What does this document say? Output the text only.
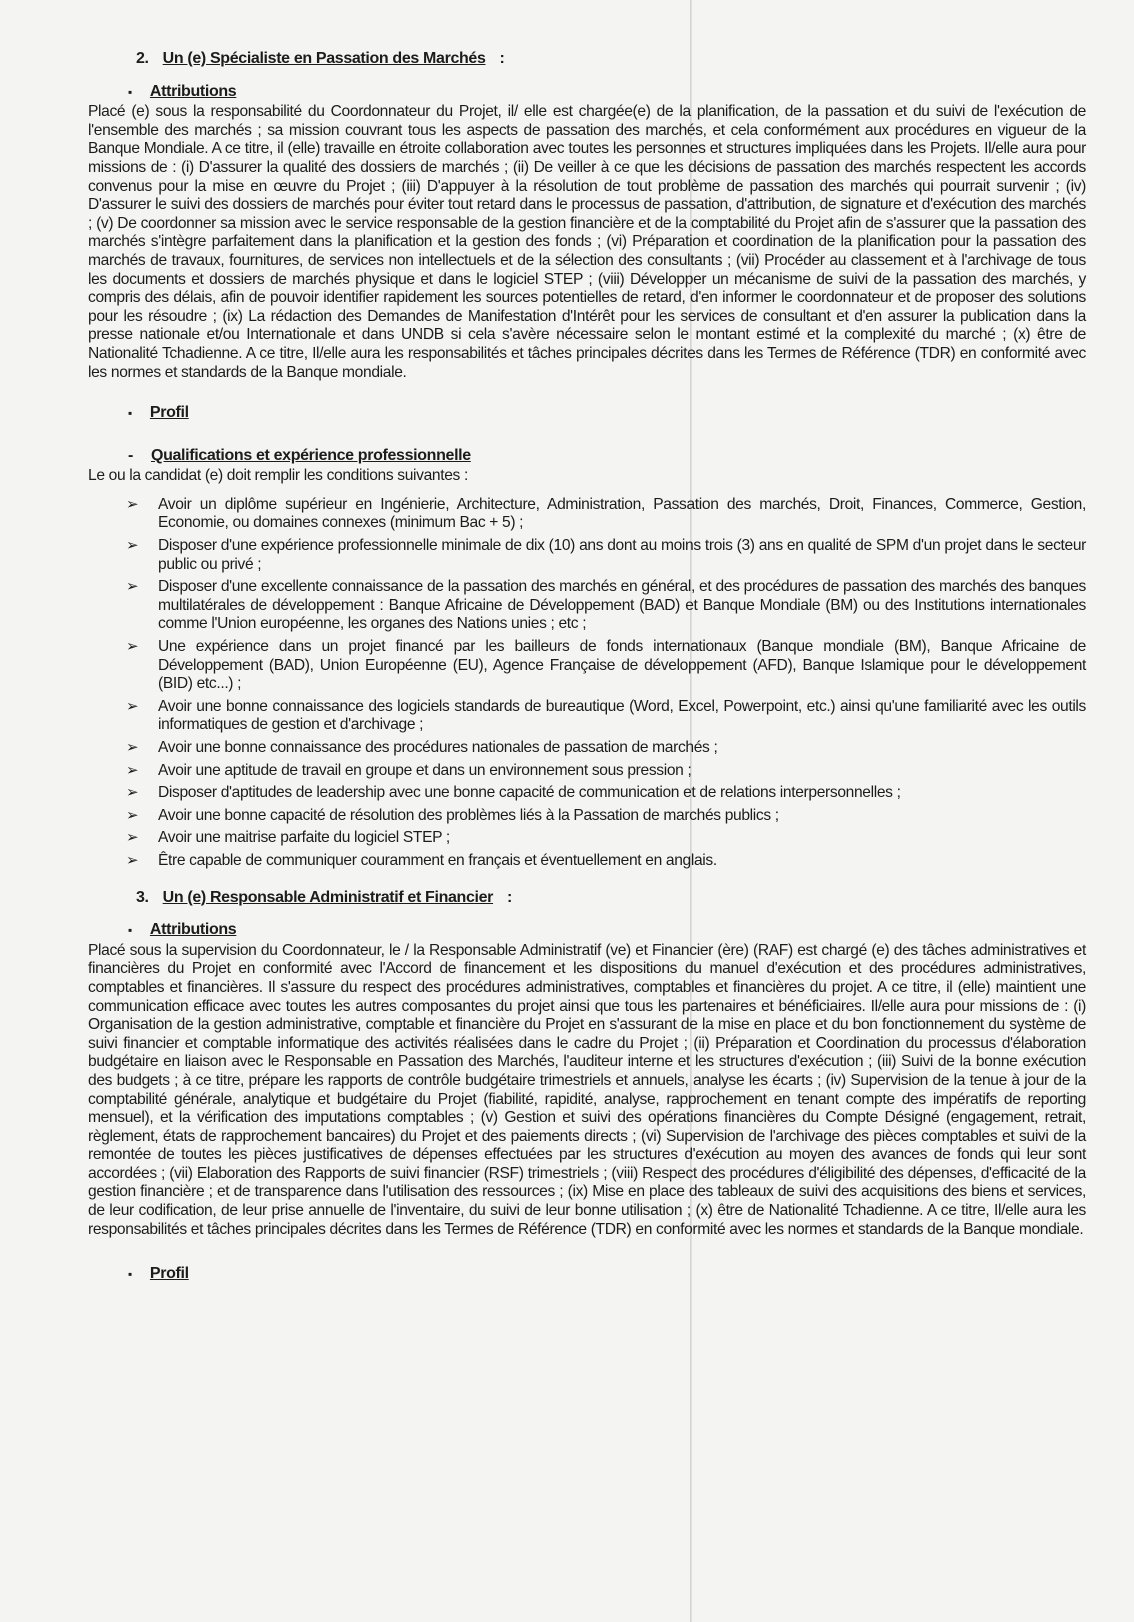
2. Un (e) Spécialiste en Passation des Marchés :
▪ Attributions

Placé (e) sous la responsabilité du Coordonnateur du Projet, il/ elle est chargée(e) de la planification, de la passation et du suivi de l'exécution de l'ensemble des marchés ; sa mission couvrant tous les aspects de passation des marchés, et cela conformément aux procédures en vigueur de la Banque Mondiale. A ce titre, il (elle) travaille en étroite collaboration avec toutes les personnes et structures impliquées dans les Projets. Il/elle aura pour missions de : (i) D'assurer la qualité des dossiers de marchés ; (ii) De veiller à ce que les décisions de passation des marchés respectent les accords convenus pour la mise en œuvre du Projet ; (iii) D'appuyer à la résolution de tout problème de passation des marchés qui pourrait survenir ; (iv) D'assurer le suivi des dossiers de marchés pour éviter tout retard dans le processus de passation, d'attribution, de signature et d'exécution des marchés ; (v) De coordonner sa mission avec le service responsable de la gestion financière et de la comptabilité du Projet afin de s'assurer que la passation des marchés s'intègre parfaitement dans la planification et la gestion des fonds ; (vi) Préparation et coordination de la planification pour la passation des marchés de travaux, fournitures, de services non intellectuels et de la sélection des consultants ; (vii) Procéder au classement et à l'archivage de tous les documents et dossiers de marchés physique et dans le logiciel STEP ; (viii) Développer un mécanisme de suivi de la passation des marchés, y compris des délais, afin de pouvoir identifier rapidement les sources potentielles de retard, d'en informer le coordonnateur et de proposer des solutions pour les résoudre ; (ix) La rédaction des Demandes de Manifestation d'Intérêt pour les services de consultant et d'en assurer la publication dans la presse nationale et/ou Internationale et dans UNDB si cela s'avère nécessaire selon le montant estimé et la complexité du marché ; (x) être de Nationalité Tchadienne. A ce titre, Il/elle aura les responsabilités et tâches principales décrites dans les Termes de Référence (TDR) en conformité avec les normes et standards de la Banque mondiale.

▪ Profil
- Qualifications et expérience professionnelle

Le ou la candidat (e) doit remplir les conditions suivantes :

➢	Avoir un diplôme supérieur en Ingénierie, Architecture, Administration, Passation des marchés, Droit, Finances, Commerce, Gestion, Economie, ou domaines connexes (minimum Bac + 5) ;
➢	Disposer d'une expérience professionnelle minimale de dix (10) ans dont au moins trois (3) ans en qualité de SPM d'un projet dans le secteur public ou privé ;
➢	Disposer d'une excellente connaissance de la passation des marchés en général, et des procédures de passation des marchés des banques multilatérales de développement : Banque Africaine de Développement (BAD) et Banque Mondiale (BM) ou des Institutions internationales comme l'Union européenne, les organes des Nations unies ; etc ;
➢	Une expérience dans un projet financé par les bailleurs de fonds internationaux (Banque mondiale (BM), Banque Africaine de Développement (BAD), Union Européenne (EU), Agence Française de développement (AFD), Banque Islamique pour le développement (BID) etc...) ;
➢	Avoir une bonne connaissance des logiciels standards de bureautique (Word, Excel, Powerpoint, etc.) ainsi qu'une familiarité avec les outils informatiques de gestion et d'archivage ;
➢	Avoir une bonne connaissance des procédures nationales de passation de marchés ;
➢	Avoir une aptitude de travail en groupe et dans un environnement sous pression ;
➢	Disposer d'aptitudes de leadership avec une bonne capacité de communication et de relations interpersonnelles ;
➢	Avoir une bonne capacité de résolution des problèmes liés à la Passation de marchés publics ;
➢	Avoir une maitrise parfaite du logiciel STEP ;
➢	Être capable de communiquer couramment en français et éventuellement en anglais.
3. Un (e) Responsable Administratif et Financier :
▪ Attributions

Placé sous la supervision du Coordonnateur, le / la Responsable Administratif (ve) et Financier (ère) (RAF) est chargé (e) des tâches administratives et financières du Projet en conformité avec l'Accord de financement et les dispositions du manuel d'exécution et des procédures administratives, comptables et financières. Il s'assure du respect des procédures administratives, comptables et financières du projet. A ce titre, il (elle) maintient une communication efficace avec toutes les autres composantes du projet ainsi que tous les partenaires et bénéficiaires. Il/elle aura pour missions de : (i) Organisation de la gestion administrative, comptable et financière du Projet en s'assurant de la mise en place et du bon fonctionnement du système de suivi financier et comptable informatique des activités réalisées dans le cadre du Projet ; (ii) Préparation et Coordination du processus d'élaboration budgétaire en liaison avec le Responsable en Passation des Marchés, l'auditeur interne et les structures d'exécution ; (iii) Suivi de la bonne exécution des budgets ; à ce titre, prépare les rapports de contrôle budgétaire trimestriels et annuels, analyse les écarts ; (iv) Supervision de la tenue à jour de la comptabilité générale, analytique et budgétaire du Projet (fiabilité, rapidité, analyse, rapprochement en tenant compte des impératifs de reporting mensuel), et la vérification des imputations comptables ; (v) Gestion et suivi des opérations financières du Compte Désigné (engagement, retrait, règlement, états de rapprochement bancaires) du Projet et des paiements directs ; (vi) Supervision de l'archivage des pièces comptables et suivi de la remontée de toutes les pièces justificatives de dépenses effectuées par les structures d'exécution au moyen des avances de fonds qui leur sont accordées ; (vii) Elaboration des Rapports de suivi financier (RSF) trimestriels ; (viii) Respect des procédures d'éligibilité des dépenses, d'efficacité de la gestion financière ; et de transparence dans l'utilisation des ressources ; (ix) Mise en place des tableaux de suivi des acquisitions des biens et services, de leur codification, de leur prise annuelle de l'inventaire, du suivi de leur bonne utilisation ; (x) être de Nationalité Tchadienne. A ce titre, Il/elle aura les responsabilités et tâches principales décrites dans les Termes de Référence (TDR) en conformité avec les normes et standards de la Banque mondiale.

▪ Profil
